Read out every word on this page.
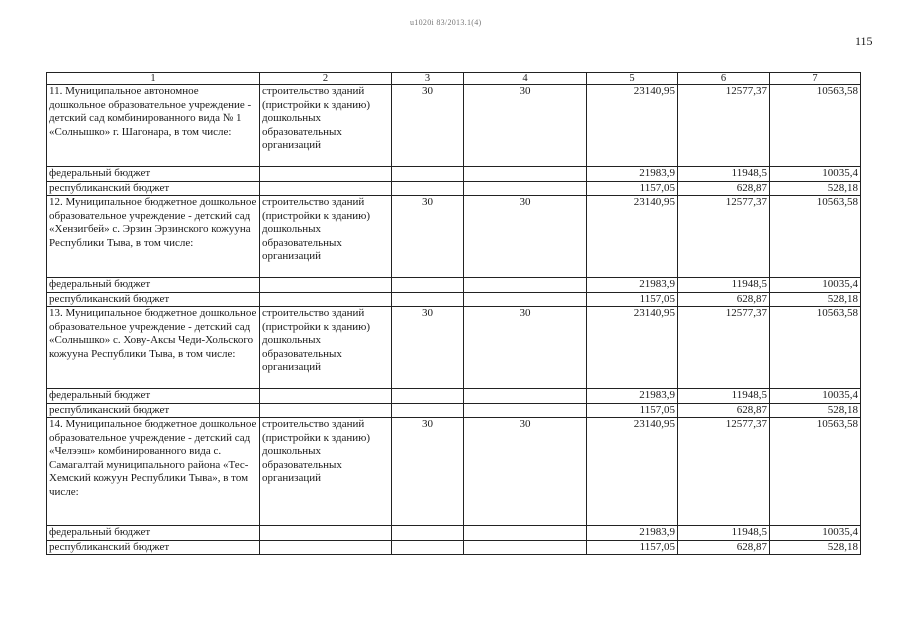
u1020i 83/2013.1(4)
115
1	2	3	4	5	6	7
11. Муниципальное автономное дошкольное образовательное учреждение - детский сад комбинированного вида № 1 «Солнышко» г. Шагонара, в том числе:	строительство зданий (пристройки к зданию) дошкольных образовательных организаций	30	30	23140,95	12577,37	10563,58
федеральный бюджет				21983,9	11948,5	10035,4
республиканский бюджет				1157,05	628,87	528,18
12. Муниципальное бюджетное дошкольное образовательное учреждение - детский сад «Хензигбей» с. Эрзин Эрзинского кожууна Республики Тыва, в том числе:	строительство зданий (пристройки к зданию) дошкольных образовательных организаций	30	30	23140,95	12577,37	10563,58
федеральный бюджет				21983,9	11948,5	10035,4
республиканский бюджет				1157,05	628,87	528,18
13. Муниципальное бюджетное дошкольное образовательное учреждение - детский сад «Солнышко» с. Хову-Аксы Чеди-Хольского кожууна Республики Тыва, в том числе:	строительство зданий (пристройки к зданию) дошкольных образовательных организаций	30	30	23140,95	12577,37	10563,58
федеральный бюджет				21983,9	11948,5	10035,4
республиканский бюджет				1157,05	628,87	528,18
14. Муниципальное бюджетное дошкольное образовательное учреждение - детский сад «Челээш» комбинированного вида с. Самагалтай муниципального района «Тес-Хемский кожуун Республики Тыва», в том числе:	строительство зданий (пристройки к зданию) дошкольных образовательных организаций	30	30	23140,95	12577,37	10563,58
федеральный бюджет				21983,9	11948,5	10035,4
республиканский бюджет				1157,05	628,87	528,18
